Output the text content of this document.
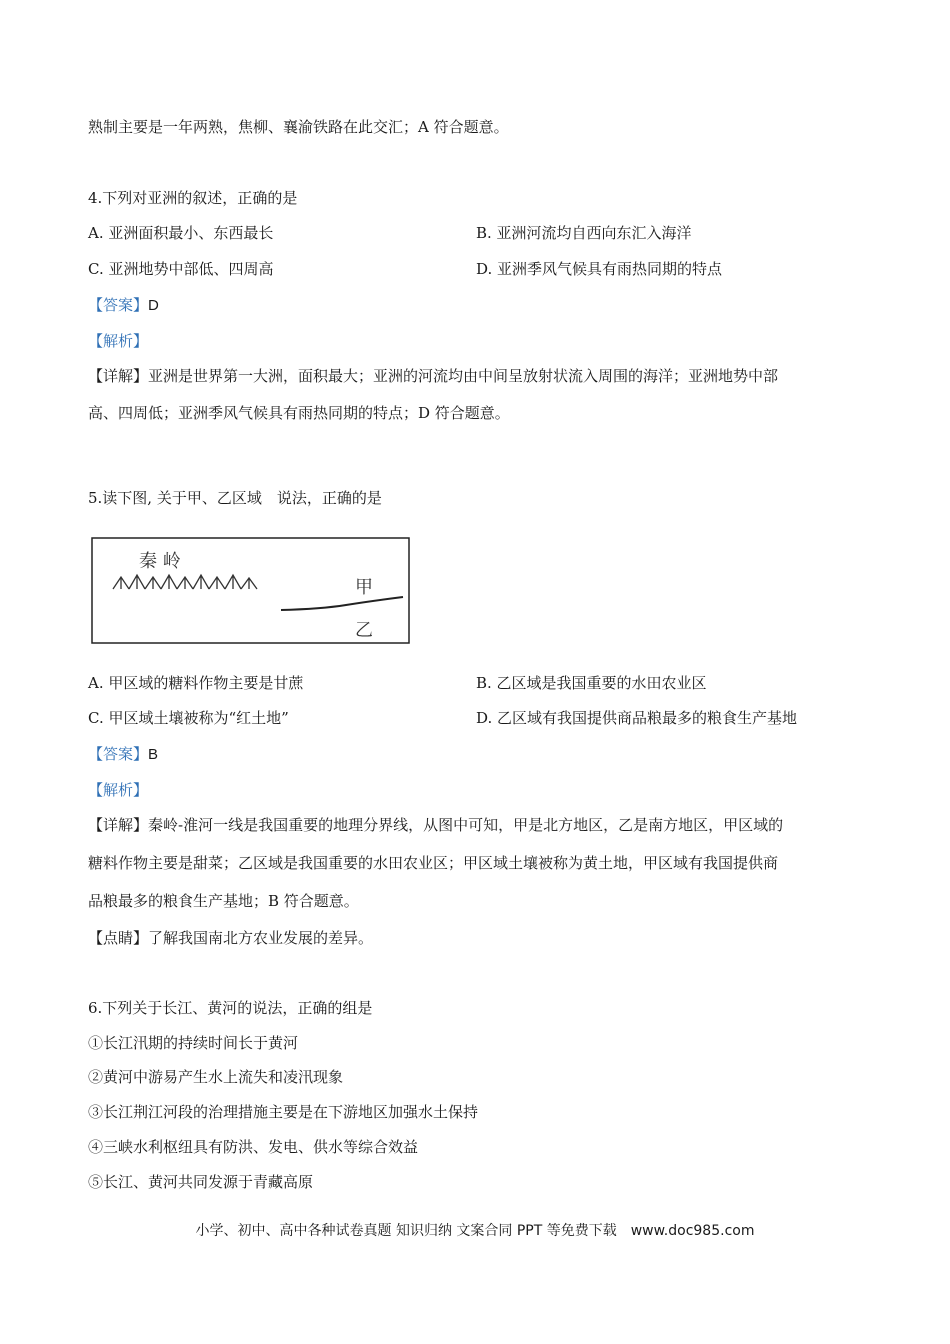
熟制主要是一年两熟，焦柳、襄渝铁路在此交汇；A 符合题意。
4.下列对亚洲的叙述，正确的是
A. 亚洲面积最小、东西最长	B. 亚洲河流均自西向东汇入海洋
C. 亚洲地势中部低、四周高	D. 亚洲季风气候具有雨热同期的特点
【答案】D
【解析】
【详解】亚洲是世界第一大洲，面积最大；亚洲的河流均由中间呈放射状流入周围的海洋；亚洲地势中部
高、四周低；亚洲季风气候具有雨热同期的特点；D 符合题意。
5.读下图, 关于甲、乙区域　说法，正确的是
秦 岭
甲
乙
A. 甲区域的糖料作物主要是甘蔗	B. 乙区域是我国重要的水田农业区
C. 甲区域土壤被称为“红土地”	D. 乙区域有我国提供商品粮最多的粮食生产基地
【答案】B
【解析】
【详解】秦岭-淮河一线是我国重要的地理分界线，从图中可知，甲是北方地区，乙是南方地区，甲区域的
糖料作物主要是甜菜；乙区域是我国重要的水田农业区；甲区域土壤被称为黄土地，甲区域有我国提供商
品粮最多的粮食生产基地；B 符合题意。
【点睛】了解我国南北方农业发展的差异。
6.下列关于长江、黄河的说法，正确的组是
①长江汛期的持续时间长于黄河
②黄河中游易产生水上流失和凌汛现象
③长江荆江河段的治理措施主要是在下游地区加强水土保持
④三峡水利枢纽具有防洪、发电、供水等综合效益
⑤长江、黄河共同发源于青藏高原
小学、初中、高中各种试卷真题 知识归纳 文案合同 PPT 等免费下载　www.doc985.com
